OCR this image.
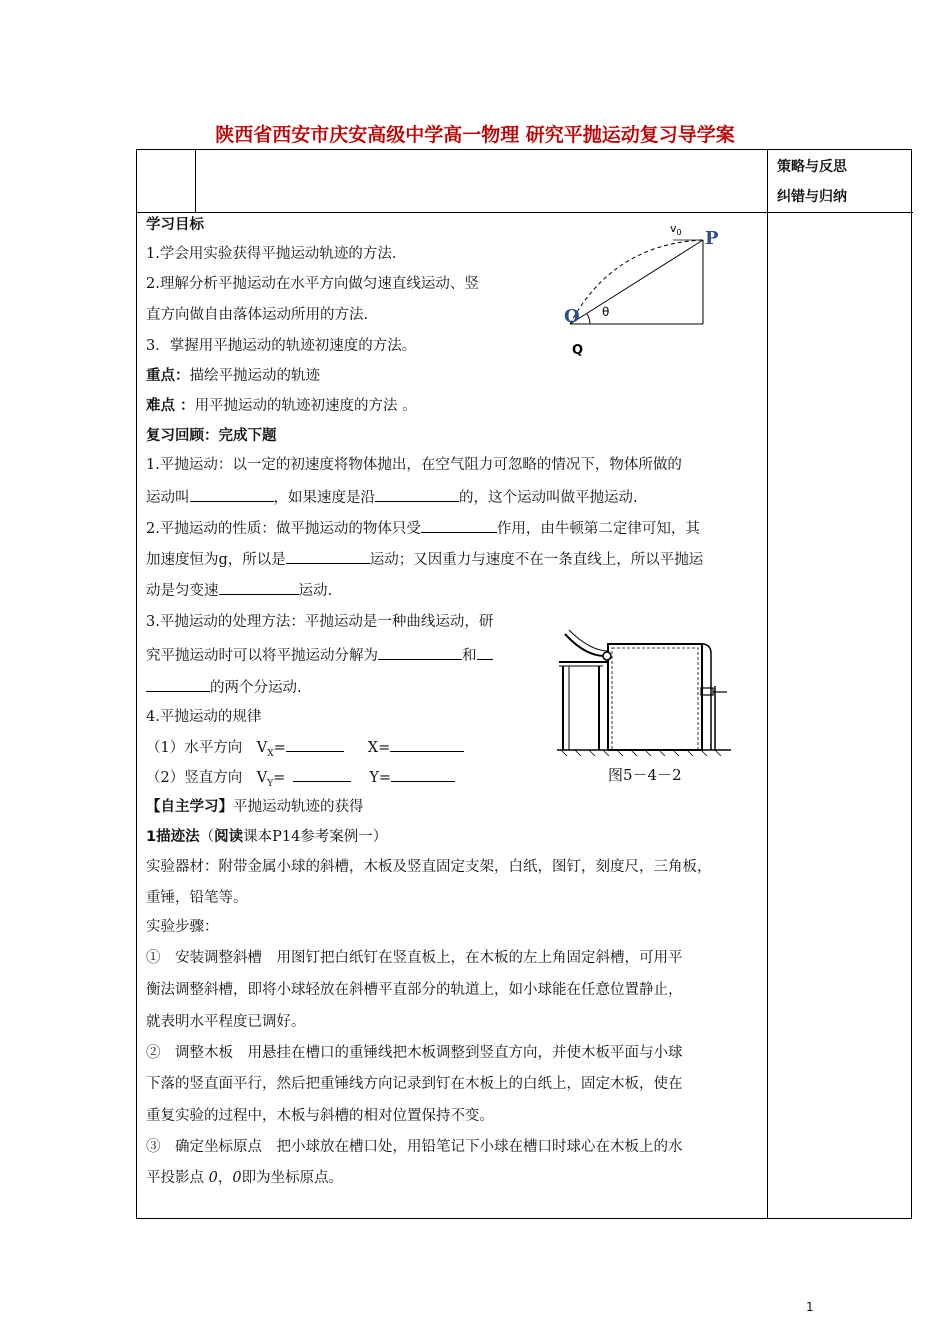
陕西省西安市庆安高级中学高一物理 研究平抛运动复习导学案
策略与反思
纠错与归纳
学习目标
1.学会用实验获得平抛运动轨迹的方法.
2.理解分析平抛运动在水平方向做匀速直线运动、竖
直方向做自由落体运动所用的方法.
3．掌握用平抛运动的轨迹初速度的方法。
重点：描绘平抛运动的轨迹
难点 ：用平抛运动的轨迹初速度的方法 。
复习回顾：完成下题
1.平抛运动：以一定的初速度将物体抛出，在空气阻力可忽略的情况下，物体所做的
运动叫	，如果速度是沿	的，这个运动叫做平抛运动.
2.平抛运动的性质：做平抛运动的物体只受	作用，由牛顿第二定律可知，其
加速度恒为g，所以是	运动；又因重力与速度不在一条直线上，所以平抛运
动是匀变速	运动.
3.平抛运动的处理方法：平抛运动是一种曲线运动，研
究平抛运动时可以将平抛运动分解为	和
的两个分运动.
4.平抛运动的规律
（1）水平方向　$V_X=$	X=
（2）竖直方向　$V_Y=$	Y=
【自主学习】平抛运动轨迹的获得
1描迹法（阅读课本P14参考案例一）
实验器材：附带金属小球的斜槽，木板及竖直固定支架，白纸，图钉，刻度尺，三角板，
重锤，铅笔等。
实验步骤：
①　安装调整斜槽　用图钉把白纸钉在竖直板上，在木板的左上角固定斜槽，可用平
衡法调整斜槽，即将小球轻放在斜槽平直部分的轨道上，如小球能在任意位置静止，
就表明水平程度已调好。
②　调整木板　用悬挂在槽口的重锤线把木板调整到竖直方向，并使木板平面与小球
下落的竖直面平行，然后把重锤线方向记录到钉在木板上的白纸上，固定木板，使在
重复实验的过程中，木板与斜槽的相对位置保持不变。
③　确定坐标原点　把小球放在槽口处，用铅笔记下小球在槽口时球心在木板上的水
平投影点 0，0即为坐标原点。
$v_0$ P
O θ
Q
图5－4－2
1
